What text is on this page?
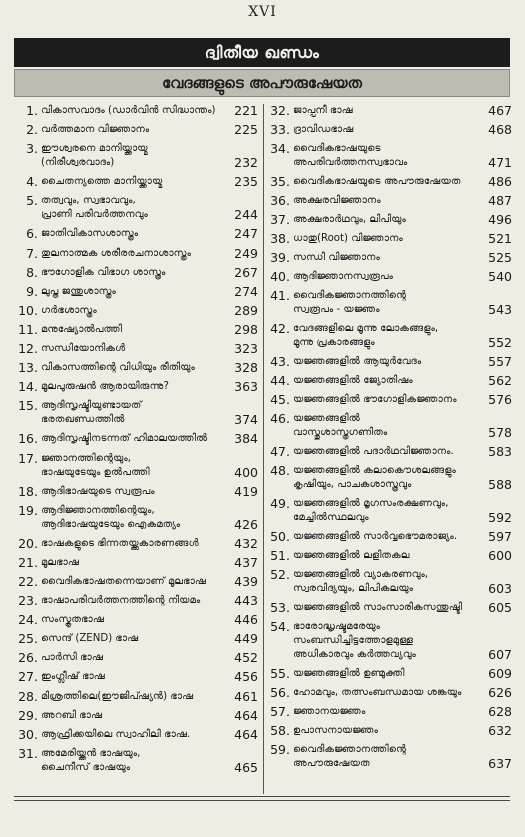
XVI
ദ്വിതീയ ഖണ്ഡം
വേദങ്ങളുടെ അപൗരുഷേയത
1. വികാസവാദം (ഡാർവിൻ സിദ്ധാന്തം)	221
2. വർത്തമാന വിജ്ഞാനം	225
3. ഈശ്വരനെ മാനിയ്ക്കായ്മ
(നിരീശ്വരവാദം)	232
4. ചൈതന്യത്തെ മാനിയ്ക്കായ്മ	235
5. തത്വവും, സ്വഭാവവും,
പ്രാണി പരിവർത്തനവും	244
6. ജാതിവികാസശാസ്ത്രം	247
7. തുലനാത്മക ശരീരരചനാശാസ്ത്രം	249
8. ഭൗഗോളിക വിഭാഗ ശാസ്ത്രം	267
9. ലുപ്ത ജന്തുശാസ്ത്രം	274
10. ഗർഭശാസ്ത്രം	289
11. മനുഷ്യോൽപത്തി	298
12. സന്ധിയോനികൾ	323
13. വികാസത്തിന്റെ വിധിയും രീതിയും	328
14. മൂലപുരുഷൻ ആരായിരുന്നു?	363
15. ആദിസൃഷ്ടിയുണ്ടായത്
ഭരതഖണ്ഡത്തിൽ	374
16. ആദിസൃഷ്ടിനടന്നത് ഹിമാലയത്തിൽ	384
17. ജ്ഞാനത്തിന്റെയും,
ഭാഷയുടേയും ഉൽപത്തി	400
18. ആദിഭാഷയുടെ സ്വരൂപം	419
19. ആദിജ്ഞാനത്തിന്റെയും,
ആദിഭാഷയുടേയും ഐകമത്യം	426
20. ഭാഷകളുടെ ഭിന്നതയ്ക്കുകാരണങ്ങൾ	432
21. മൂലഭാഷ	437
22. വൈദികഭാഷതന്നെയാണ് മൂലഭാഷ	439
23. ഭാഷാപരിവർത്തനത്തിന്റെ നിയമം	443
24. സംസ്കൃതഭാഷ	446
25. സെന്ദ് (ZEND) ഭാഷ	449
26. പാർസി ഭാഷ	452
27. ഇംഗ്ലീഷ് ഭാഷ	456
28. മിശ്രത്തിലെ(ഈജിപ്ഷ്യൻ) ഭാഷ	461
29. അറബി ഭാഷ	464
30. ആഫ്രിക്കയിലെ സ്വാഹിലി ഭാഷ.	464
31. അമേരിയ്ക്കൻ ഭാഷയും,
ചൈനീസ് ഭാഷയും	465
32. ജാപ്പനീ ഭാഷ	467
33. ദ്രാവിഡഭാഷ	468
34. വൈദികഭാഷയുടെ
അപരിവർത്തനസ്വഭാവം	471
35. വൈദികഭാഷയുടെ അപൗരുഷേയത	486
36. അക്ഷരവിജ്ഞാനം	487
37. അക്ഷരാർഥവും, ലിപിയും	496
38. ധാതു(Root) വിജ്ഞാനം	521
39. സന്ധി വിജ്ഞാനം	525
40. ആദിജ്ഞാനസ്വരൂപം	540
41. വൈദികജ്ഞാനത്തിന്റെ
സ്വരൂപം - യജ്ഞം	543
42. വേദങ്ങളിലെ മൂന്നു ലോകങ്ങളും,
മൂന്നു പ്രകാരങ്ങളും	552
43. യജ്ഞങ്ങളിൽ ആയുർവേദം	557
44. യജ്ഞങ്ങളിൽ ജ്യോതിഷം	562
45. യജ്ഞങ്ങളിൽ ഭൗഗോളികജ്ഞാനം	576
46. യജ്ഞങ്ങളിൽ
വാസ്തുശാസ്ത്രഗണിതം	578
47. യജ്ഞങ്ങളിൽ പദാർഥവിജ്ഞാനം.	583
48. യജ്ഞങ്ങളിൽ കലാകൌശലങ്ങളും
കൃഷിയും, പാചകശാസ്ത്രവും	588
49. യജ്ഞങ്ങളിൽ മൃഗസംരക്ഷണവും,
മേച്ചിൽസ്ഥലവും	592
50. യജ്ഞങ്ങളിൽ സാർവ്വഭൌമരാജ്യം.	597
51. യജ്ഞങ്ങളിൽ ലളിതകല	600
52. യജ്ഞങ്ങളിൽ വ്യാകരണവും,
സ്വരവിദ്യയും, ലിപികലയും	603
53. യജ്ഞങ്ങളിൽ സാംസാരികസന്തുഷ്ടി	605
54. ഭാരോദ്ധൃഷ്ടമരേയും
സംബന്ധിച്ചിട്ടത്തോളമുള്ള
അധികാരവും കർത്തവ്യവും	607
55. യജ്ഞങ്ങളിൽ ഉണ്മുക്തി	609
56. ഹോമവും, തത്സംബന്ധമായ ശങ്കയും	626
57. ജ്ഞാനയജ്ഞം	628
58. ഉപാസനായജ്ഞം	632
59. വൈദികജ്ഞാനത്തിന്റെ
അപൗരുഷേയത	637
